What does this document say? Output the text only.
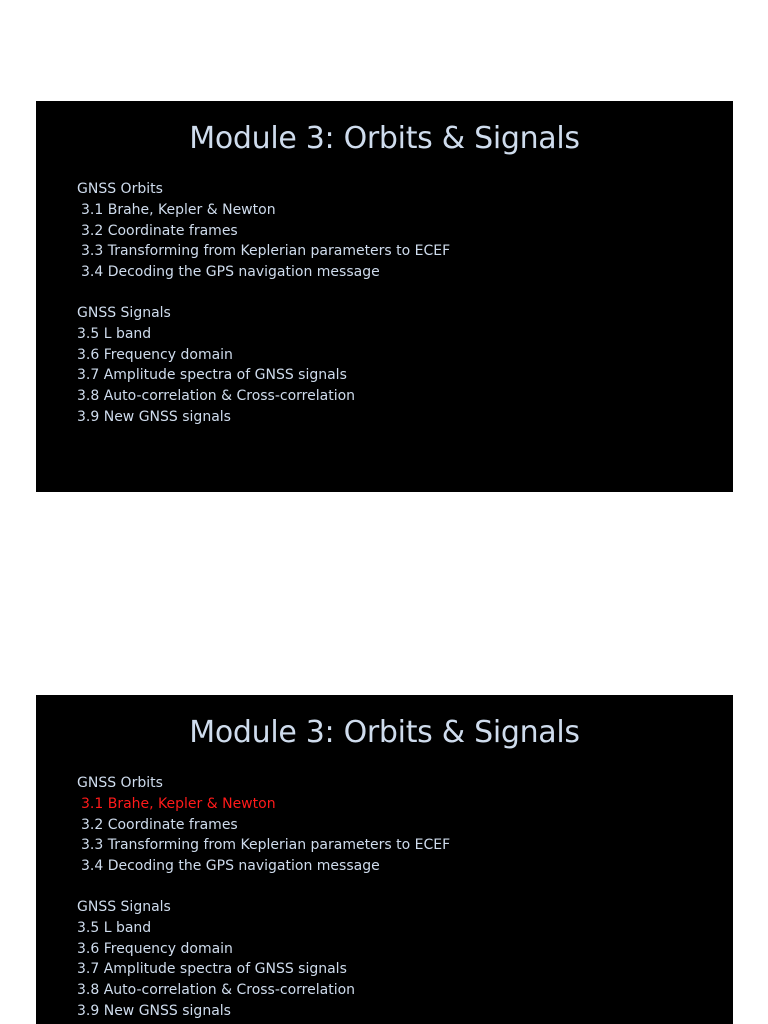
Module 3: Orbits & Signals
GNSS Orbits
3.1 Brahe, Kepler & Newton
3.2 Coordinate frames
3.3 Transforming from Keplerian parameters to ECEF
3.4 Decoding the GPS navigation message
GNSS Signals
3.5 L band
3.6 Frequency domain
3.7 Amplitude spectra of GNSS signals
3.8 Auto-correlation & Cross-correlation
3.9 New GNSS signals
Module 3: Orbits & Signals
GNSS Orbits
3.1 Brahe, Kepler & Newton
3.2 Coordinate frames
3.3 Transforming from Keplerian parameters to ECEF
3.4 Decoding the GPS navigation message
GNSS Signals
3.5 L band
3.6 Frequency domain
3.7 Amplitude spectra of GNSS signals
3.8 Auto-correlation & Cross-correlation
3.9 New GNSS signals
